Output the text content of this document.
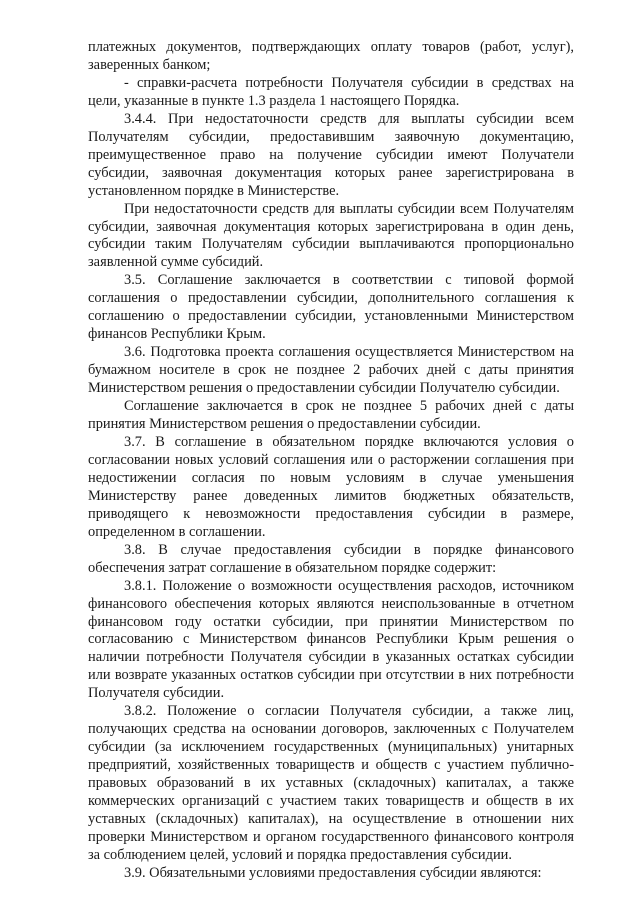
платежных документов, подтверждающих оплату товаров (работ, услуг), заверенных банком;

- справки-расчета потребности Получателя субсидии в средствах на цели, указанные в пункте 1.3 раздела 1 настоящего Порядка.

3.4.4. При недостаточности средств для выплаты субсидии всем Получателям субсидии, предоставившим заявочную документацию, преимущественное право на получение субсидии имеют Получатели субсидии, заявочная документация которых ранее зарегистрирована в установленном порядке в Министерстве.

При недостаточности средств для выплаты субсидии всем Получателям субсидии, заявочная документация которых зарегистрирована в один день, субсидии таким Получателям субсидии выплачиваются пропорционально заявленной сумме субсидий.

3.5. Соглашение заключается в соответствии с типовой формой соглашения о предоставлении субсидии, дополнительного соглашения к соглашению о предоставлении субсидии, установленными Министерством финансов Республики Крым.

3.6. Подготовка проекта соглашения осуществляется Министерством на бумажном носителе в срок не позднее 2 рабочих дней с даты принятия Министерством решения о предоставлении субсидии Получателю субсидии.

Соглашение заключается в срок не позднее 5 рабочих дней с даты принятия Министерством решения о предоставлении субсидии.

3.7. В соглашение в обязательном порядке включаются условия о согласовании новых условий соглашения или о расторжении соглашения при недостижении согласия по новым условиям в случае уменьшения Министерству ранее доведенных лимитов бюджетных обязательств, приводящего к невозможности предоставления субсидии в размере, определенном в соглашении.

3.8. В случае предоставления субсидии в порядке финансового обеспечения затрат соглашение в обязательном порядке содержит:

3.8.1. Положение о возможности осуществления расходов, источником финансового обеспечения которых являются неиспользованные в отчетном финансовом году остатки субсидии, при принятии Министерством по согласованию с Министерством финансов Республики Крым решения о наличии потребности Получателя субсидии в указанных остатках субсидии или возврате указанных остатков субсидии при отсутствии в них потребности Получателя субсидии.

3.8.2. Положение о согласии Получателя субсидии, а также лиц, получающих средства на основании договоров, заключенных с Получателем субсидии (за исключением государственных (муниципальных) унитарных предприятий, хозяйственных товариществ и обществ с участием публично-правовых образований в их уставных (складочных) капиталах, а также коммерческих организаций с участием таких товариществ и обществ в их уставных (складочных) капиталах), на осуществление в отношении них проверки Министерством и органом государственного финансового контроля за соблюдением целей, условий и порядка предоставления субсидии.

3.9. Обязательными условиями предоставления субсидии являются:
